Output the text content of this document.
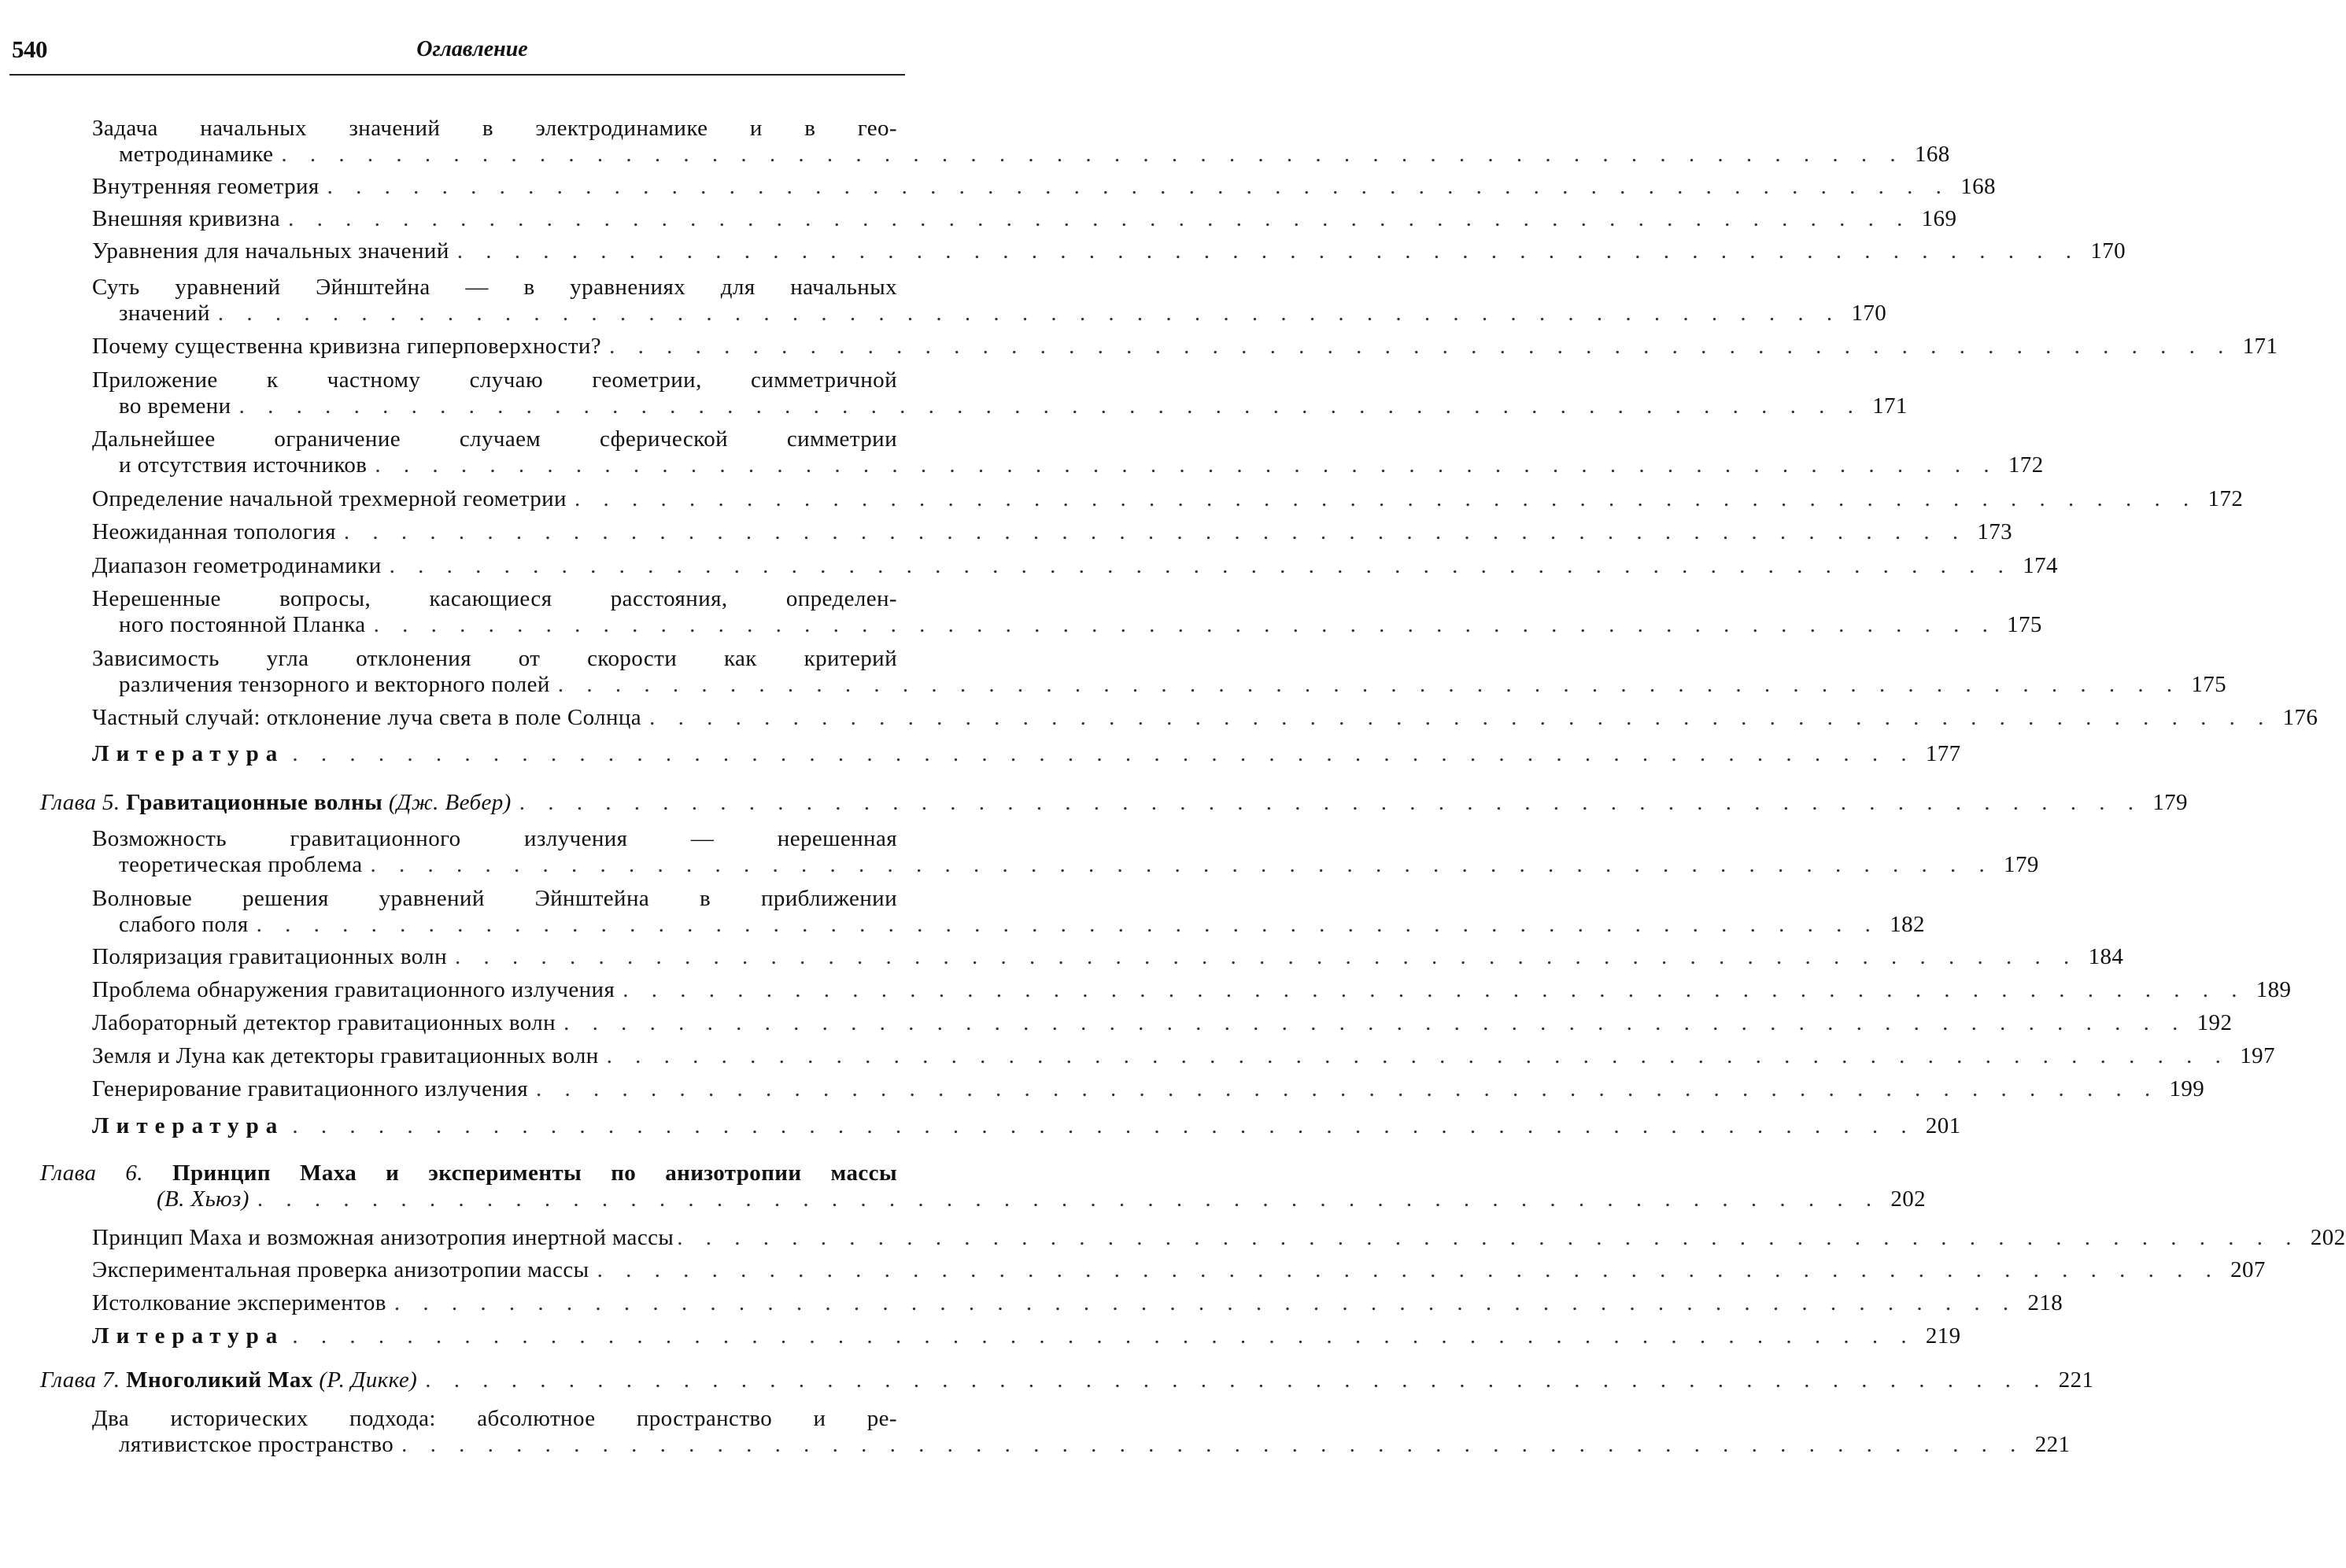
540	Оглавление
Задача начальных значений в электродинамике и в гео-
метродинамике . . . . . . . . . . . . . . . . . . . . . . . . . . . . . . . . . . . . . . . . . . . . . . . . . . . . . . . . . 168
Внутренняя геометрия . . . . . . . . . . . . . . . . . . . . . . . . . . . . . . . . . . . . . . . . . . . . . . . . . . . . . . . . . 168
Внешняя кривизна . . . . . . . . . . . . . . . . . . . . . . . . . . . . . . . . . . . . . . . . . . . . . . . . . . . . . . . . . 169
Уравнения для начальных значений . . . . . . . . . . . . . . . . . . . . . . . . . . . . . . . . . . . . . . . . . . . . . . . . . . . . . . . . . 170
Суть уравнений Эйнштейна — в уравнениях для начальных
значений . . . . . . . . . . . . . . . . . . . . . . . . . . . . . . . . . . . . . . . . . . . . . . . . . . . . . . . . . 170
Почему существенна кривизна гиперповерхности? . . . . . . . . . . . . . . . . . . . . . . . . . . . . . . . . . . . . . . . . . . . . . . . . . . . . . . . . . 171
Приложение к частному случаю геометрии, симметричной
во времени . . . . . . . . . . . . . . . . . . . . . . . . . . . . . . . . . . . . . . . . . . . . . . . . . . . . . . . . . 171
Дальнейшее ограничение случаем сферической симметрии
и отсутствия источников . . . . . . . . . . . . . . . . . . . . . . . . . . . . . . . . . . . . . . . . . . . . . . . . . . . . . . . . . 172
Определение начальной трехмерной геометрии . . . . . . . . . . . . . . . . . . . . . . . . . . . . . . . . . . . . . . . . . . . . . . . . . . . . . . . . . 172
Неожиданная топология . . . . . . . . . . . . . . . . . . . . . . . . . . . . . . . . . . . . . . . . . . . . . . . . . . . . . . . . . 173
Диапазон геометродинамики . . . . . . . . . . . . . . . . . . . . . . . . . . . . . . . . . . . . . . . . . . . . . . . . . . . . . . . . . 174
Нерешенные вопросы, касающиеся расстояния, определен-
ного постоянной Планка . . . . . . . . . . . . . . . . . . . . . . . . . . . . . . . . . . . . . . . . . . . . . . . . . . . . . . . . . 175
Зависимость угла отклонения от скорости как критерий
различения тензорного и векторного полей . . . . . . . . . . . . . . . . . . . . . . . . . . . . . . . . . . . . . . . . . . . . . . . . . . . . . . . . . 175
Частный случай: отклонение луча света в поле Солнца . . . . . . . . . . . . . . . . . . . . . . . . . . . . . . . . . . . . . . . . . . . . . . . . . . . . . . . . . 176
Литература . . . . . . . . . . . . . . . . . . . . . . . . . . . . . . . . . . . . . . . . . . . . . . . . . . . . . . . . . 177
Глава 5. Гравитационные волны (Дж. Вебер) . . . . . . . . . . . . . . . . . . . . . . . . . . . . . . . . . . . . . . . . . . . . . . . . . . . . . . . . . 179
Возможность гравитационного излучения — нерешенная
теоретическая проблема . . . . . . . . . . . . . . . . . . . . . . . . . . . . . . . . . . . . . . . . . . . . . . . . . . . . . . . . . 179
Волновые решения уравнений Эйнштейна в приближении
слабого поля . . . . . . . . . . . . . . . . . . . . . . . . . . . . . . . . . . . . . . . . . . . . . . . . . . . . . . . . . 182
Поляризация гравитационных волн . . . . . . . . . . . . . . . . . . . . . . . . . . . . . . . . . . . . . . . . . . . . . . . . . . . . . . . . . 184
Проблема обнаружения гравитационного излучения . . . . . . . . . . . . . . . . . . . . . . . . . . . . . . . . . . . . . . . . . . . . . . . . . . . . . . . . . 189
Лабораторный детектор гравитационных волн . . . . . . . . . . . . . . . . . . . . . . . . . . . . . . . . . . . . . . . . . . . . . . . . . . . . . . . . . 192
Земля и Луна как детекторы гравитационных волн . . . . . . . . . . . . . . . . . . . . . . . . . . . . . . . . . . . . . . . . . . . . . . . . . . . . . . . . . 197
Генерирование гравитационного излучения . . . . . . . . . . . . . . . . . . . . . . . . . . . . . . . . . . . . . . . . . . . . . . . . . . . . . . . . . 199
Литература . . . . . . . . . . . . . . . . . . . . . . . . . . . . . . . . . . . . . . . . . . . . . . . . . . . . . . . . . 201
Глава 6. Принцип Маха и эксперименты по анизотропии массы
(В. Хьюз) . . . . . . . . . . . . . . . . . . . . . . . . . . . . . . . . . . . . . . . . . . . . . . . . . . . . . . . . . 202
Принцип Маха и возможная анизотропия инертной массы . . . . . . . . . . . . . . . . . . . . . . . . . . . . . . . . . . . . . . . . . . . . . . . . . . . . . . . . . 202
Экспериментальная проверка анизотропии массы . . . . . . . . . . . . . . . . . . . . . . . . . . . . . . . . . . . . . . . . . . . . . . . . . . . . . . . . . 207
Истолкование экспериментов . . . . . . . . . . . . . . . . . . . . . . . . . . . . . . . . . . . . . . . . . . . . . . . . . . . . . . . . . 218
Литература . . . . . . . . . . . . . . . . . . . . . . . . . . . . . . . . . . . . . . . . . . . . . . . . . . . . . . . . . 219
Глава 7. Многоликий Мах (Р. Дикке) . . . . . . . . . . . . . . . . . . . . . . . . . . . . . . . . . . . . . . . . . . . . . . . . . . . . . . . . . 221
Два исторических подхода: абсолютное пространство и ре-
лятивистское пространство . . . . . . . . . . . . . . . . . . . . . . . . . . . . . . . . . . . . . . . . . . . . . . . . . . . . . . . . . 221
